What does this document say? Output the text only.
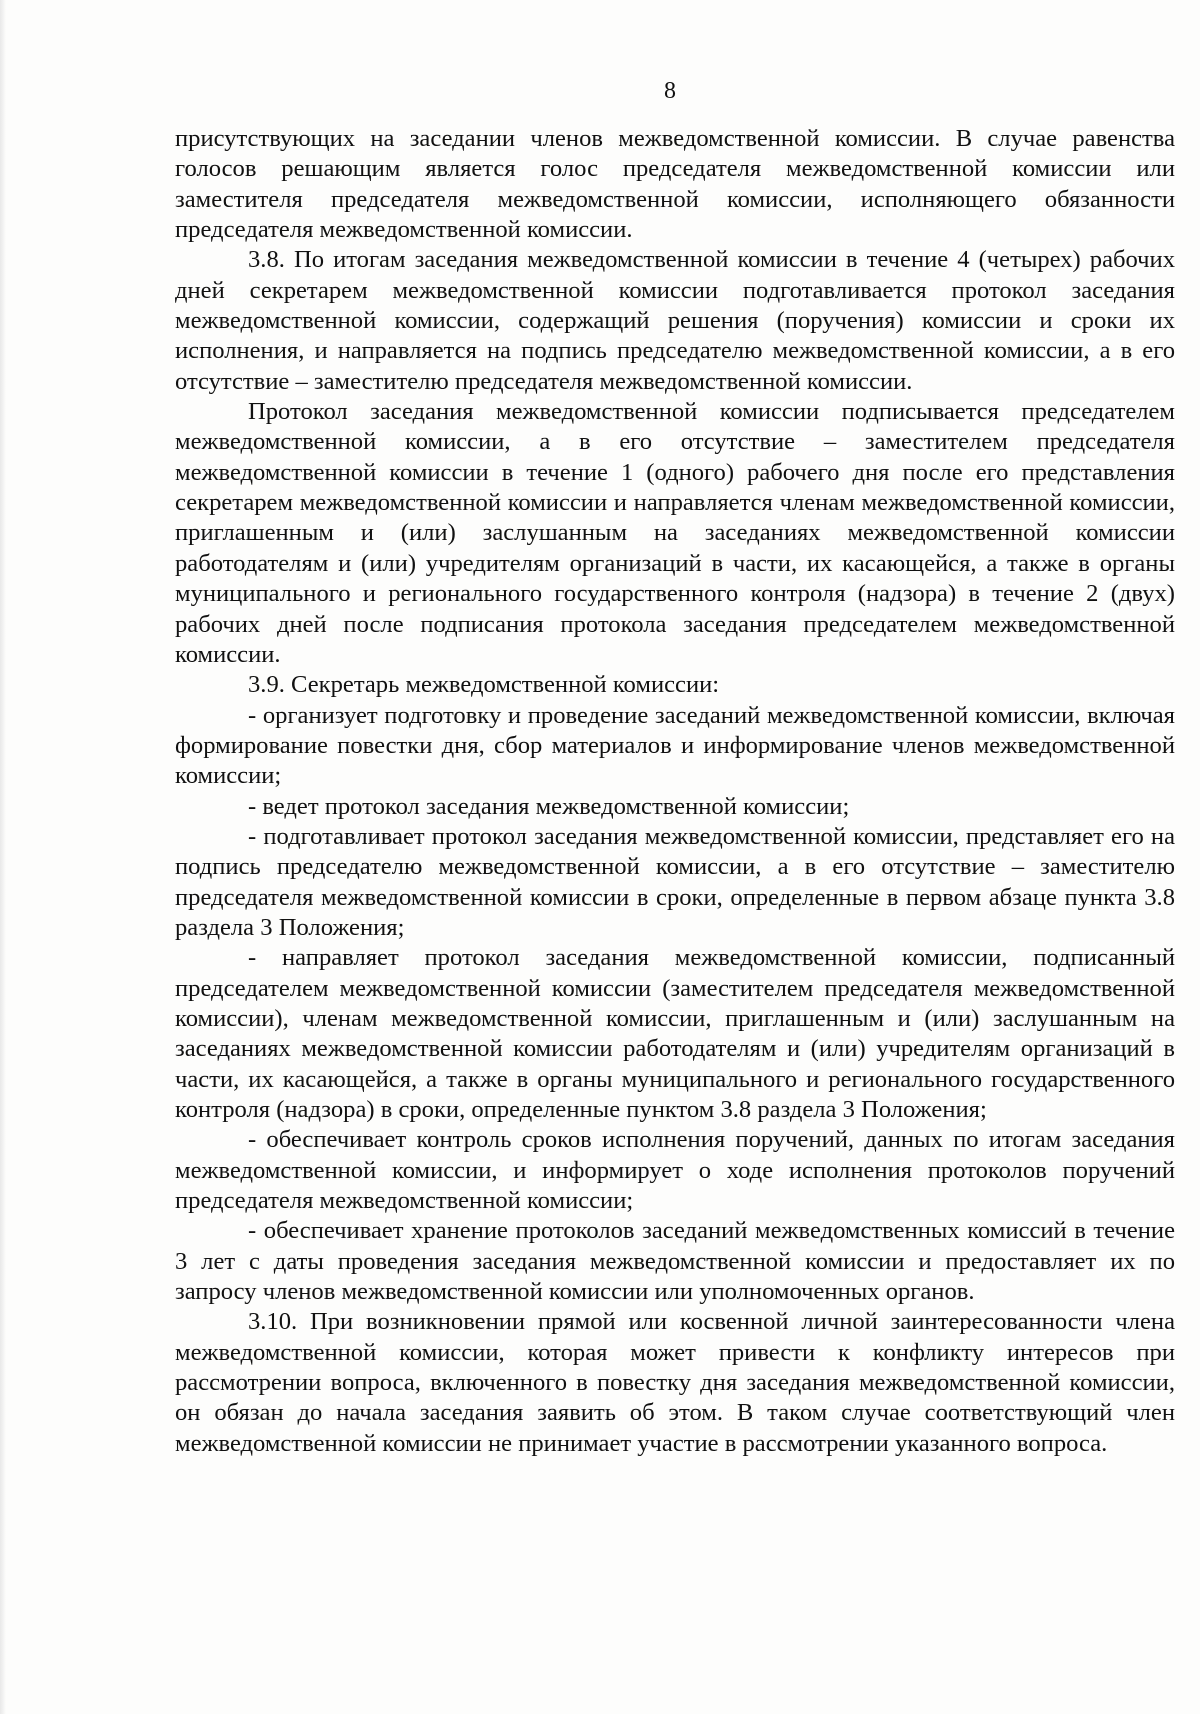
8

присутствующих на заседании членов межведомственной комиссии. В случае равенства голосов решающим является голос председателя межведомственной комиссии или заместителя председателя межведомственной комиссии, исполняющего обязанности председателя межведомственной комиссии.

3.8. По итогам заседания межведомственной комиссии в течение 4 (четырех) рабочих дней секретарем межведомственной комиссии подготавливается протокол заседания межведомственной комиссии, содержащий решения (поручения) комиссии и сроки их исполнения, и направляется на подпись председателю межведомственной комиссии, а в его отсутствие – заместителю председателя межведомственной комиссии.

Протокол заседания межведомственной комиссии подписывается председателем межведомственной комиссии, а в его отсутствие – заместителем председателя межведомственной комиссии в течение 1 (одного) рабочего дня после его представления секретарем межведомственной комиссии и направляется членам межведомственной комиссии, приглашенным и (или) заслушанным на заседаниях межведомственной комиссии работодателям и (или) учредителям организаций в части, их касающейся, а также в органы муниципального и регионального государственного контроля (надзора) в течение 2 (двух) рабочих дней после подписания протокола заседания председателем межведомственной комиссии.

3.9. Секретарь межведомственной комиссии:

- организует подготовку и проведение заседаний межведомственной комиссии, включая формирование повестки дня, сбор материалов и информирование членов межведомственной комиссии;

- ведет протокол заседания межведомственной комиссии;

- подготавливает протокол заседания межведомственной комиссии, представляет его на подпись председателю межведомственной комиссии, а в его отсутствие – заместителю председателя межведомственной комиссии в сроки, определенные в первом абзаце пункта 3.8 раздела 3 Положения;

- направляет протокол заседания межведомственной комиссии, подписанный председателем межведомственной комиссии (заместителем председателя межведомственной комиссии), членам межведомственной комиссии, приглашенным и (или) заслушанным на заседаниях межведомственной комиссии работодателям и (или) учредителям организаций в части, их касающейся, а также в органы муниципального и регионального государственного контроля (надзора) в сроки, определенные пунктом 3.8 раздела 3 Положения;

- обеспечивает контроль сроков исполнения поручений, данных по итогам заседания межведомственной комиссии, и информирует о ходе исполнения протоколов поручений председателя межведомственной комиссии;

- обеспечивает хранение протоколов заседаний межведомственных комиссий в течение 3 лет с даты проведения заседания межведомственной комиссии и предоставляет их по запросу членов межведомственной комиссии или уполномоченных органов.

3.10. При возникновении прямой или косвенной личной заинтересованности члена межведомственной комиссии, которая может привести к конфликту интересов при рассмотрении вопроса, включенного в повестку дня заседания межведомственной комиссии, он обязан до начала заседания заявить об этом. В таком случае соответствующий член межведомственной комиссии не принимает участие в рассмотрении указанного вопроса.
